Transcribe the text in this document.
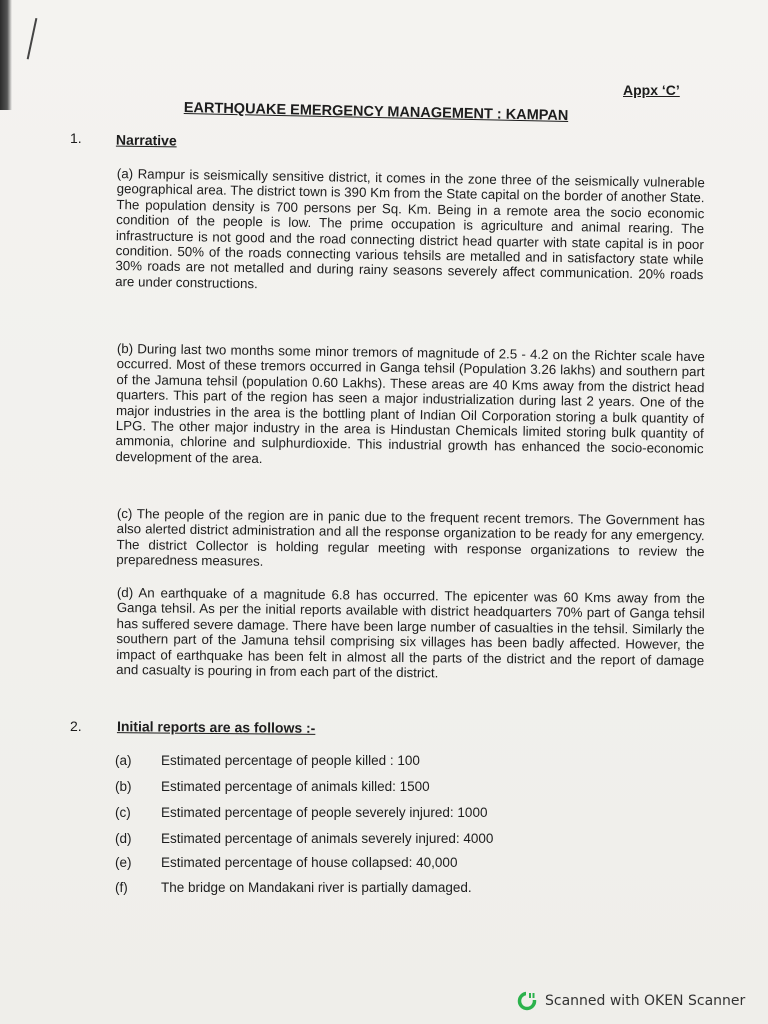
Appx ‘C’
EARTHQUAKE EMERGENCY MANAGEMENT : KAMPAN
1. Narrative
(a) Rampur is seismically sensitive district, it comes in the zone three of the seismically vulnerable geographical area. The district town is 390 Km from the State capital on the border of another State. The population density is 700 persons per Sq. Km. Being in a remote area the socio economic condition of the people is low. The prime occupation is agriculture and animal rearing. The infrastructure is not good and the road connecting district head quarter with state capital is in poor condition. 50% of the roads connecting various tehsils are metalled and in satisfactory state while 30% roads are not metalled and during rainy seasons severely affect communication. 20% roads are under constructions.
(b) During last two months some minor tremors of magnitude of 2.5 - 4.2 on the Richter scale have occurred. Most of these tremors occurred in Ganga tehsil (Population 3.26 lakhs) and southern part of the Jamuna tehsil (population 0.60 Lakhs). These areas are 40 Kms away from the district head quarters. This part of the region has seen a major industrialization during last 2 years. One of the major industries in the area is the bottling plant of Indian Oil Corporation storing a bulk quantity of LPG. The other major industry in the area is Hindustan Chemicals limited storing bulk quantity of ammonia, chlorine and sulphurdioxide. This industrial growth has enhanced the socio-economic development of the area.
(c) The people of the region are in panic due to the frequent recent tremors. The Government has also alerted district administration and all the response organization to be ready for any emergency. The district Collector is holding regular meeting with response organizations to review the preparedness measures.
(d) An earthquake of a magnitude 6.8 has occurred. The epicenter was 60 Kms away from the Ganga tehsil. As per the initial reports available with district headquarters 70% part of Ganga tehsil has suffered severe damage. There have been large number of casualties in the tehsil. Similarly the southern part of the Jamuna tehsil comprising six villages has been badly affected. However, the impact of earthquake has been felt in almost all the parts of the district and the report of damage and casualty is pouring in from each part of the district.
2.	Initial reports are as follows :-
(a) Estimated percentage of people killed : 100
(b) Estimated percentage of animals killed: 1500
(c) Estimated percentage of people severely injured: 1000
(d) Estimated percentage of animals severely injured: 4000
(e) Estimated percentage of house collapsed: 40,000
(f) The bridge on Mandakani river is partially damaged.
Scanned with OKEN Scanner
